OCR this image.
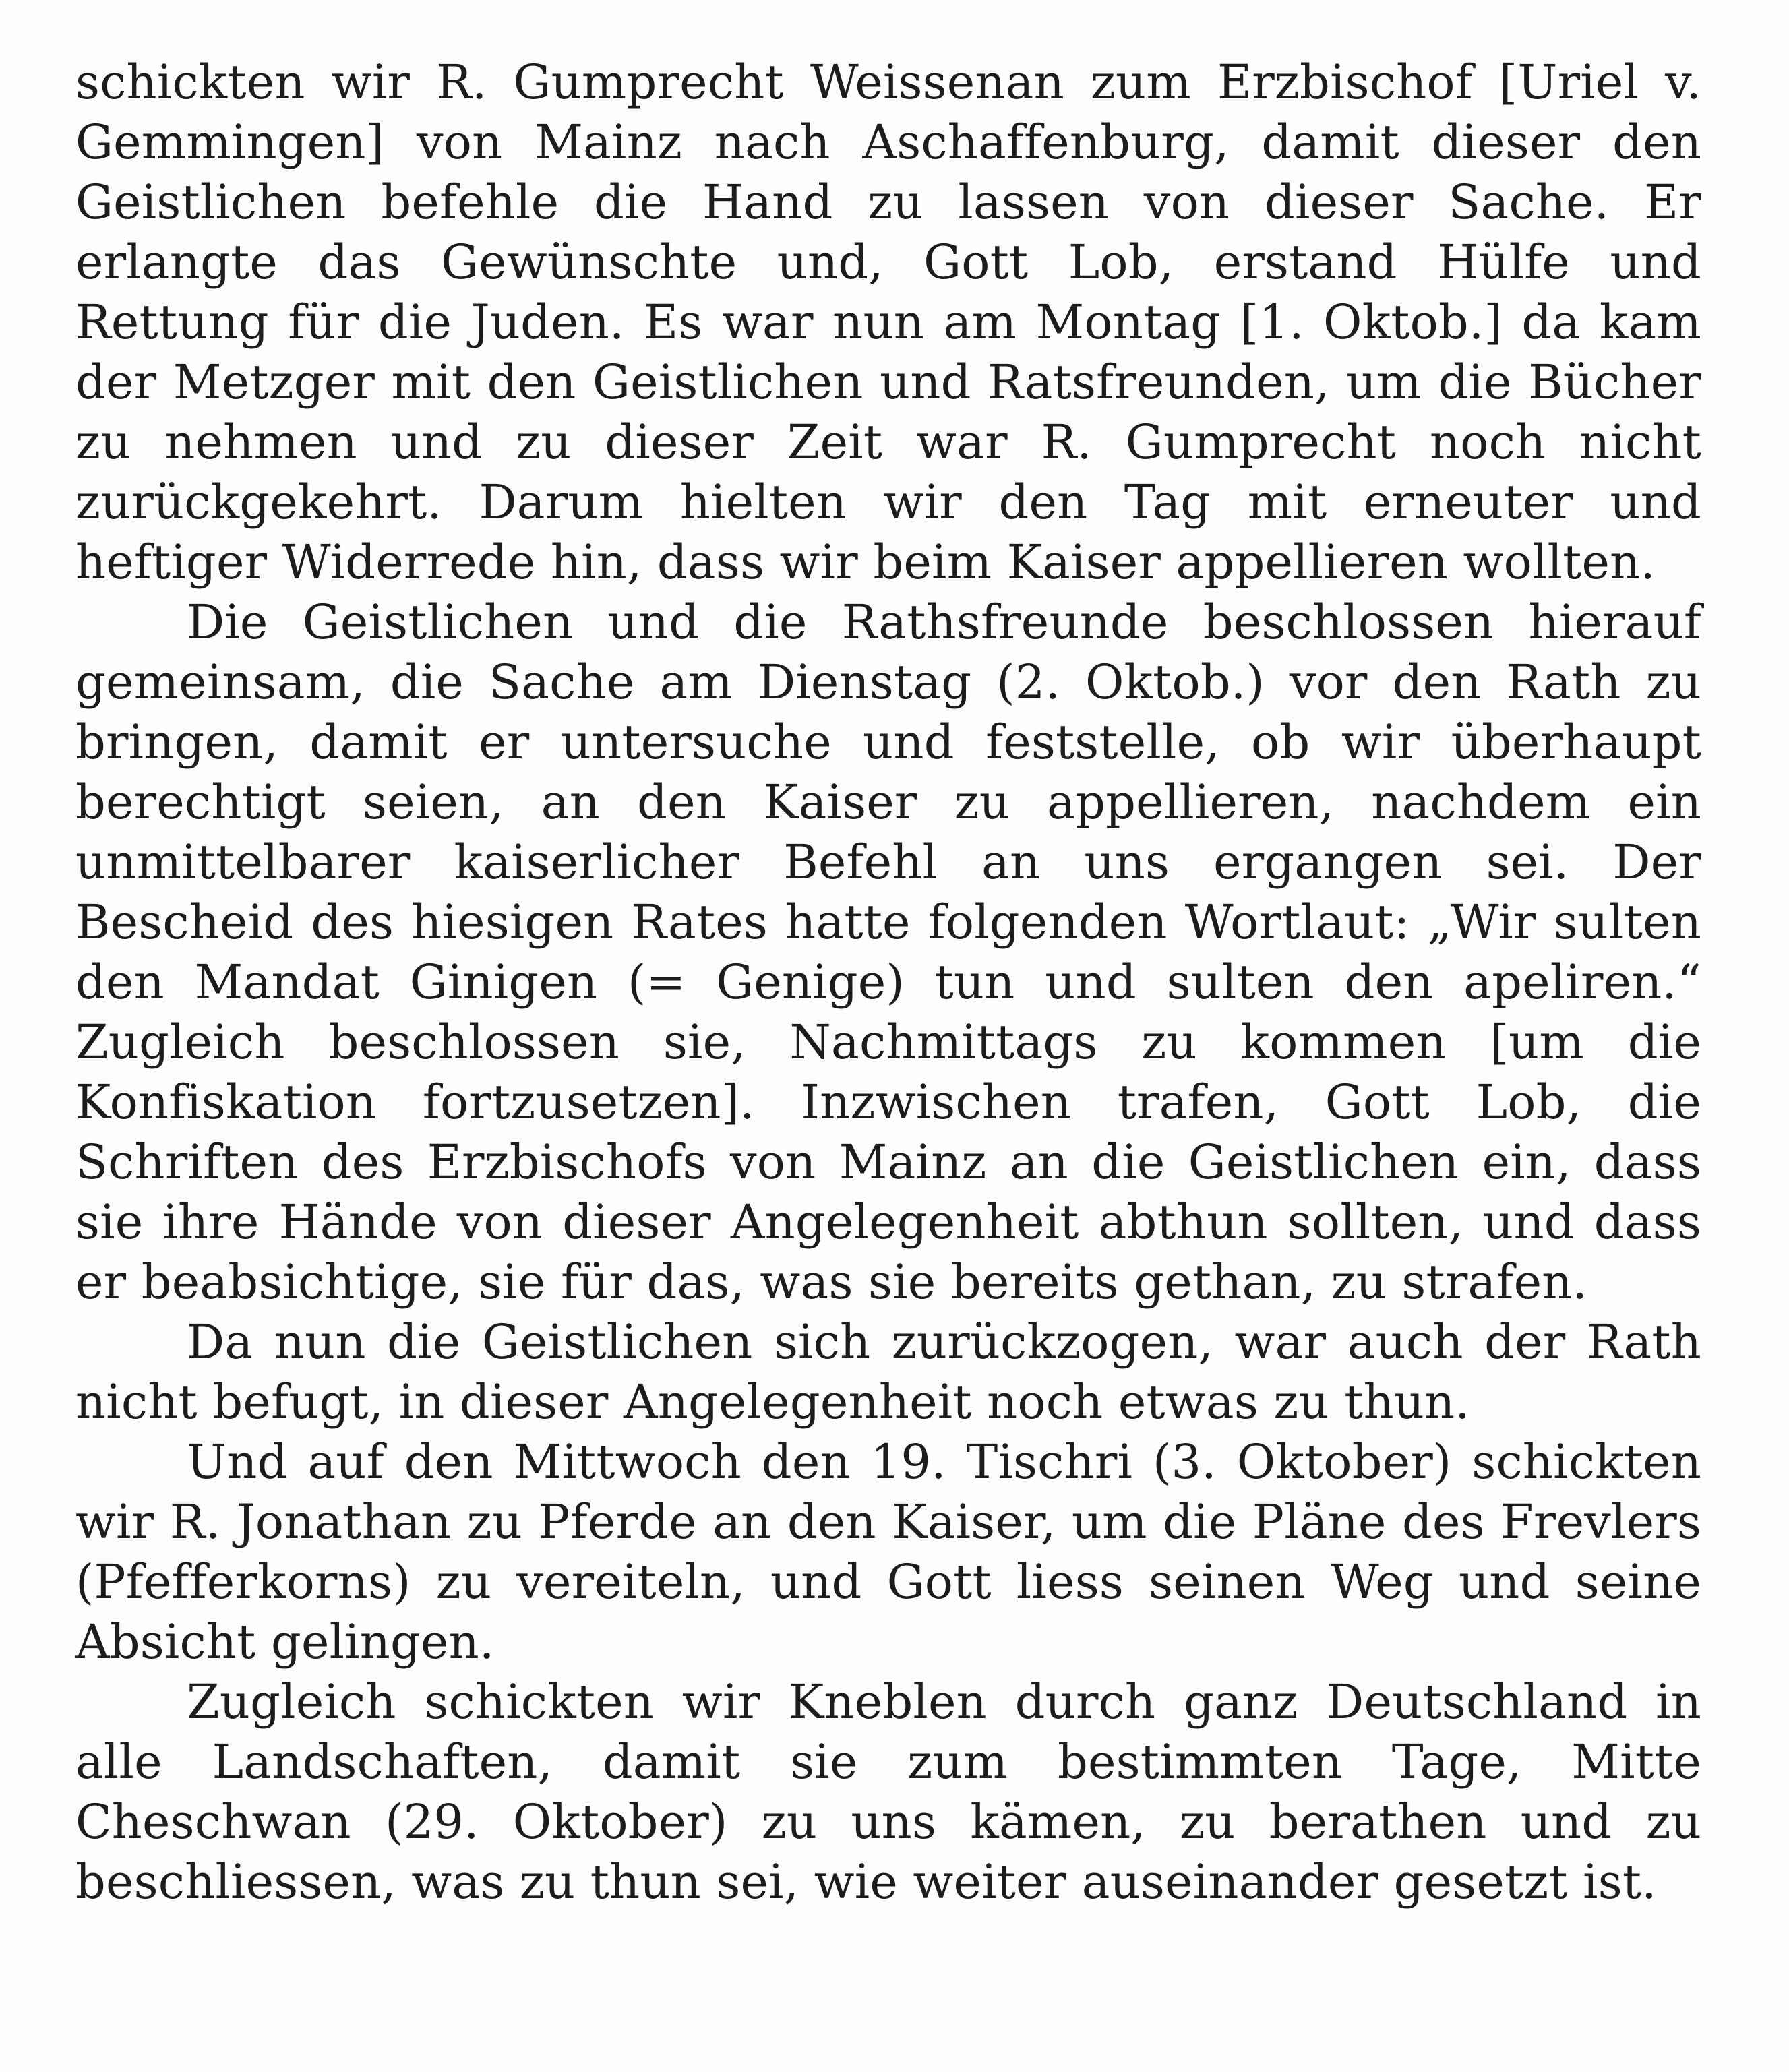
schickten wir R. Gumprecht Weissenan zum Erzbischof [Uriel v. Gemmingen] von Mainz nach Aschaffenburg, damit dieser den Geistlichen befehle die Hand zu lassen von dieser Sache. Er erlangte das Gewünschte und, Gott Lob, erstand Hülfe und Rettung für die Juden. Es war nun am Montag [1. Oktob.] da kam der Metzger mit den Geistlichen und Ratsfreunden, um die Bücher zu nehmen und zu dieser Zeit war R. Gumprecht noch nicht zurückgekehrt. Darum hielten wir den Tag mit erneuter und heftiger Widerrede hin, dass wir beim Kaiser appellieren wollten.

Die Geistlichen und die Rathsfreunde beschlossen hierauf gemeinsam, die Sache am Dienstag (2. Oktob.) vor den Rath zu bringen, damit er untersuche und feststelle, ob wir überhaupt berechtigt seien, an den Kaiser zu appellieren, nachdem ein unmittelbarer kaiserlicher Befehl an uns ergangen sei. Der Bescheid des hiesigen Rates hatte folgenden Wortlaut: „Wir sulten den Mandat Ginigen (= Genige) tun und sulten den apeliren.“ Zugleich beschlossen sie, Nachmittags zu kommen [um die Konfiskation fortzusetzen]. Inzwischen trafen, Gott Lob, die Schriften des Erzbischofs von Mainz an die Geistlichen ein, dass sie ihre Hände von dieser Angelegenheit abthun sollten, und dass er beabsichtige, sie für das, was sie bereits gethan, zu strafen.

Da nun die Geistlichen sich zurückzogen, war auch der Rath nicht befugt, in dieser Angelegenheit noch etwas zu thun.

Und auf den Mittwoch den 19. Tischri (3. Oktober) schickten wir R. Jonathan zu Pferde an den Kaiser, um die Pläne des Frevlers (Pfefferkorns) zu vereiteln, und Gott liess seinen Weg und seine Absicht gelingen.

Zugleich schickten wir Kneblen durch ganz Deutschland in alle Landschaften, damit sie zum bestimmten Tage, Mitte Cheschwan (29. Oktober) zu uns kämen, zu berathen und zu beschliessen, was zu thun sei, wie weiter auseinander gesetzt ist.
